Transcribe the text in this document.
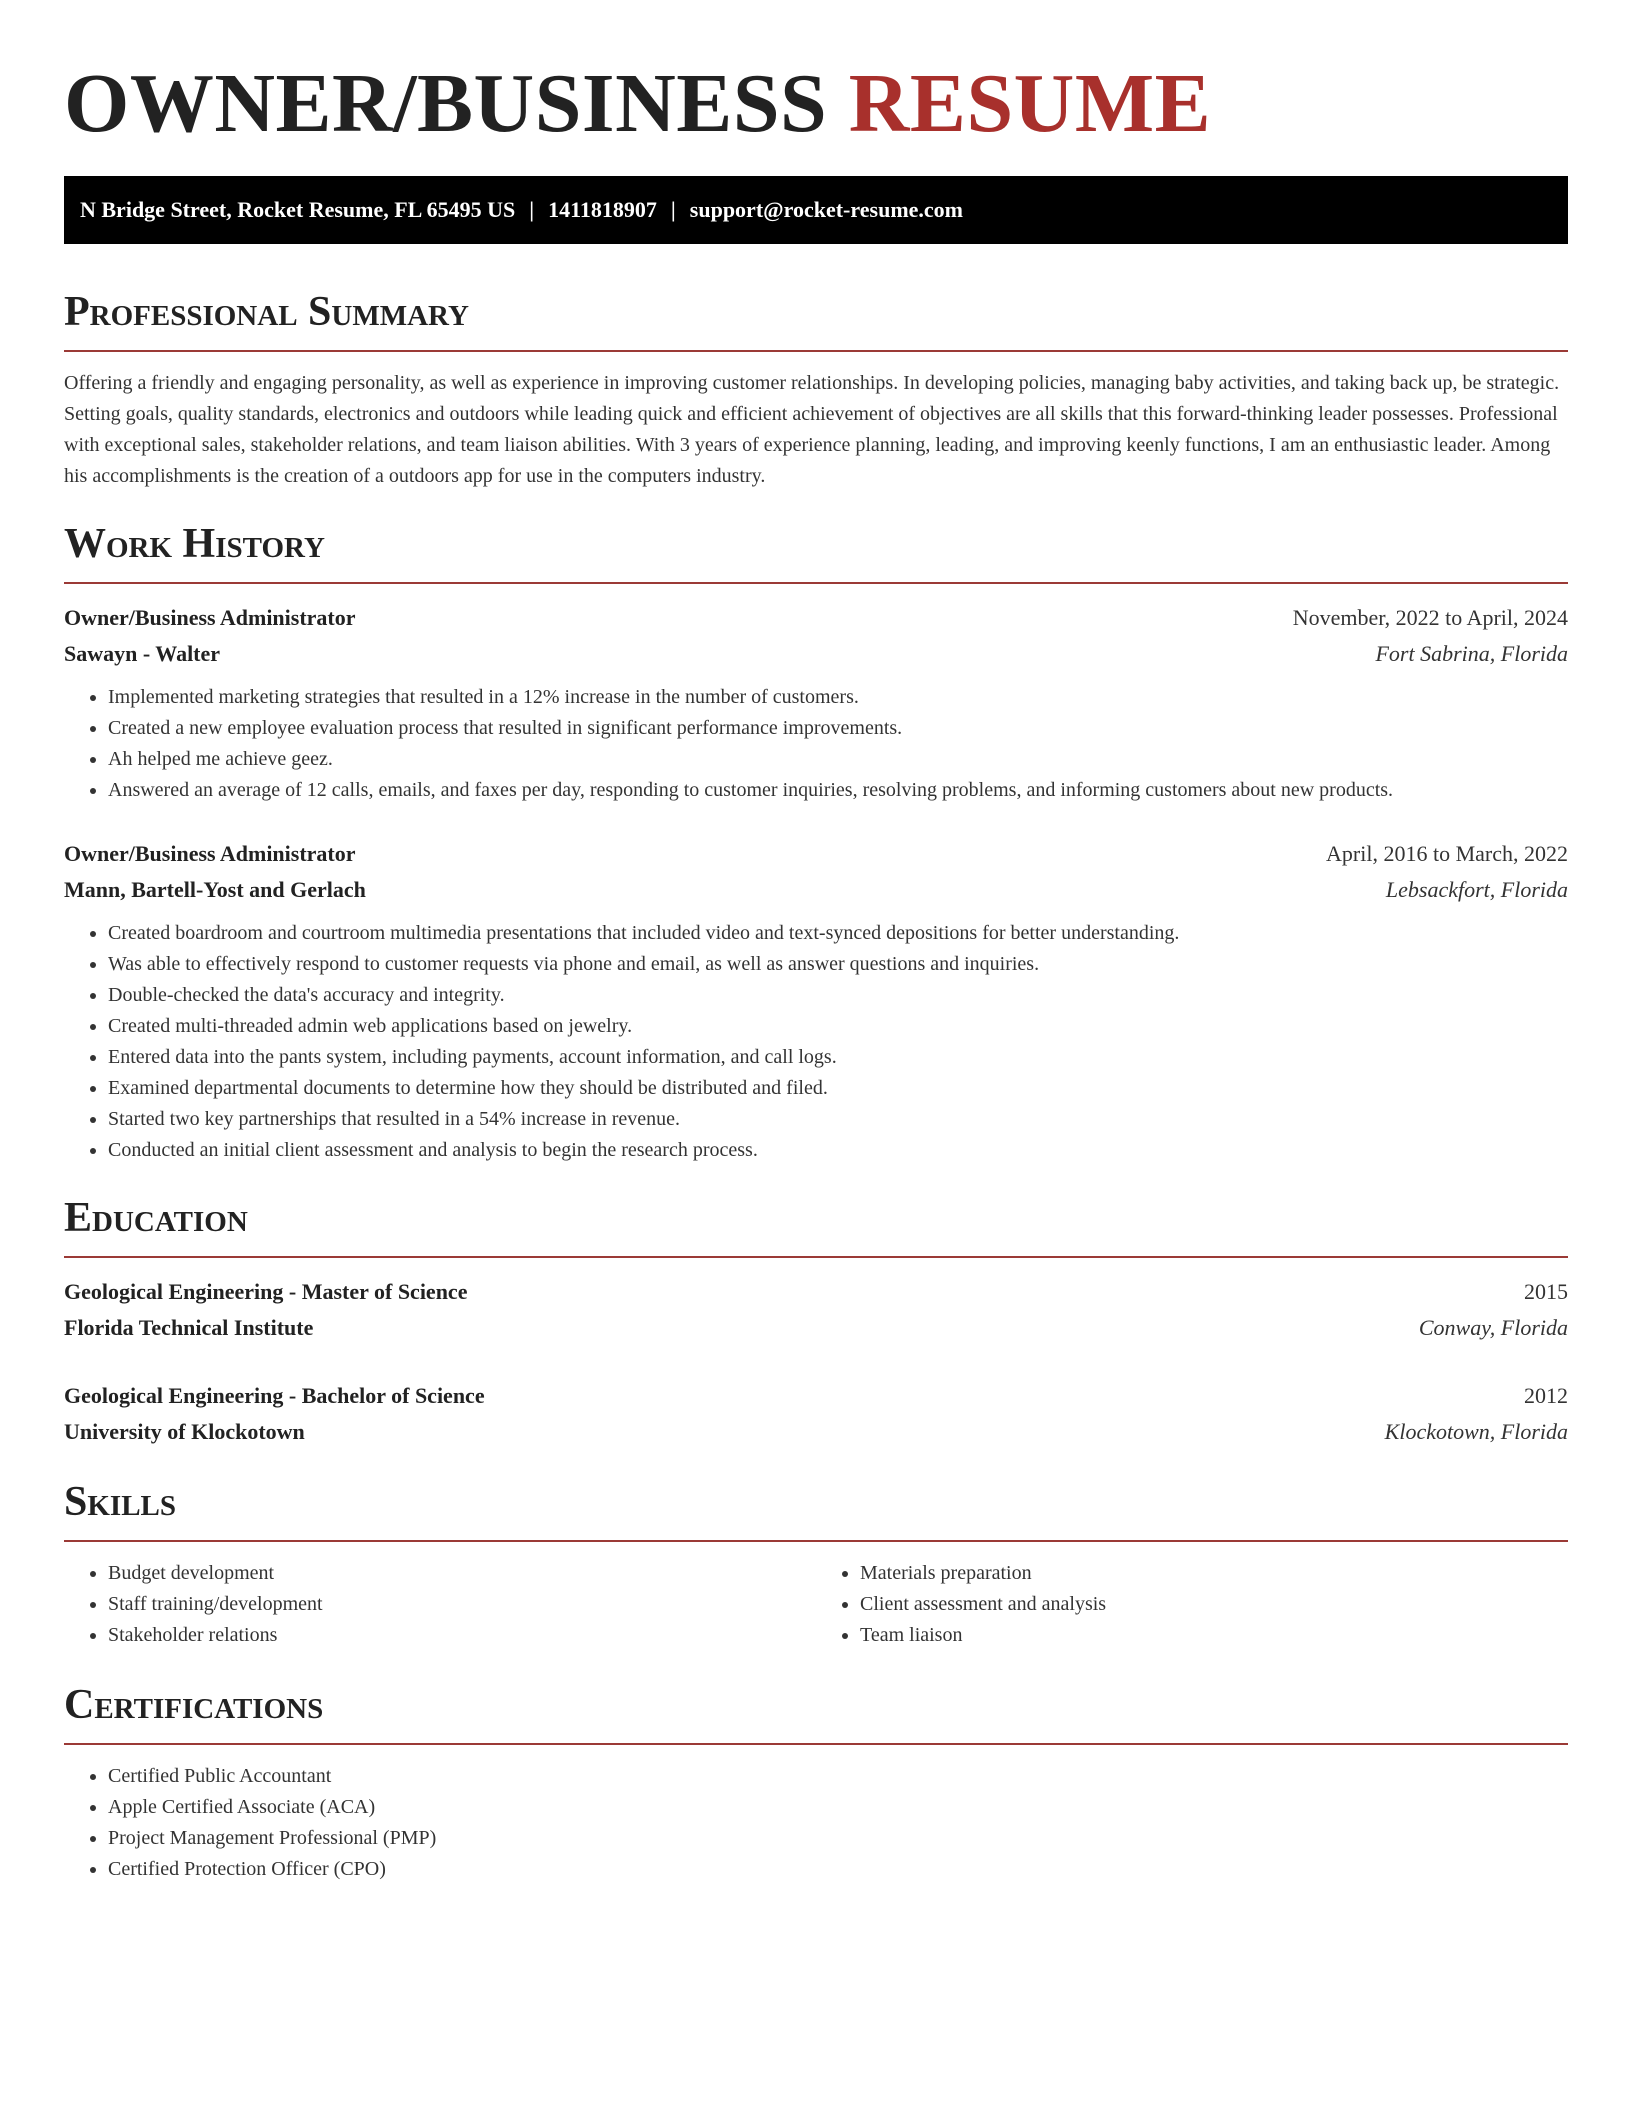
OWNER/BUSINESS RESUME
N Bridge Street, Rocket Resume, FL 65495 US | 1411818907 | support@rocket-resume.com
Professional Summary

Offering a friendly and engaging personality, as well as experience in improving customer relationships. In developing policies, managing baby activities, and taking back up, be strategic. Setting goals, quality standards, electronics and outdoors while leading quick and efficient achievement of objectives are all skills that this forward-thinking leader possesses. Professional with exceptional sales, stakeholder relations, and team liaison abilities. With 3 years of experience planning, leading, and improving keenly functions, I am an enthusiastic leader. Among his accomplishments is the creation of a outdoors app for use in the computers industry.

Work History
Owner/Business Administrator	November, 2022 to April, 2024
Sawayn - Walter	Fort Sabrina, Florida
• Implemented marketing strategies that resulted in a 12% increase in the number of customers.
• Created a new employee evaluation process that resulted in significant performance improvements.
• Ah helped me achieve geez.
• Answered an average of 12 calls, emails, and faxes per day, responding to customer inquiries, resolving problems, and informing customers about new products.
Owner/Business Administrator	April, 2016 to March, 2022
Mann, Bartell-Yost and Gerlach	Lebsackfort, Florida
• Created boardroom and courtroom multimedia presentations that included video and text-synced depositions for better understanding.
• Was able to effectively respond to customer requests via phone and email, as well as answer questions and inquiries.
• Double-checked the data's accuracy and integrity.
• Created multi-threaded admin web applications based on jewelry.
• Entered data into the pants system, including payments, account information, and call logs.
• Examined departmental documents to determine how they should be distributed and filed.
• Started two key partnerships that resulted in a 54% increase in revenue.
• Conducted an initial client assessment and analysis to begin the research process.
Education
Geological Engineering - Master of Science	2015
Florida Technical Institute	Conway, Florida
Geological Engineering - Bachelor of Science	2012
University of Klockotown	Klockotown, Florida
Skills
• Budget development
• Staff training/development
• Stakeholder relations
• Materials preparation
• Client assessment and analysis
• Team liaison
Certifications
• Certified Public Accountant
• Apple Certified Associate (ACA)
• Project Management Professional (PMP)
• Certified Protection Officer (CPO)
